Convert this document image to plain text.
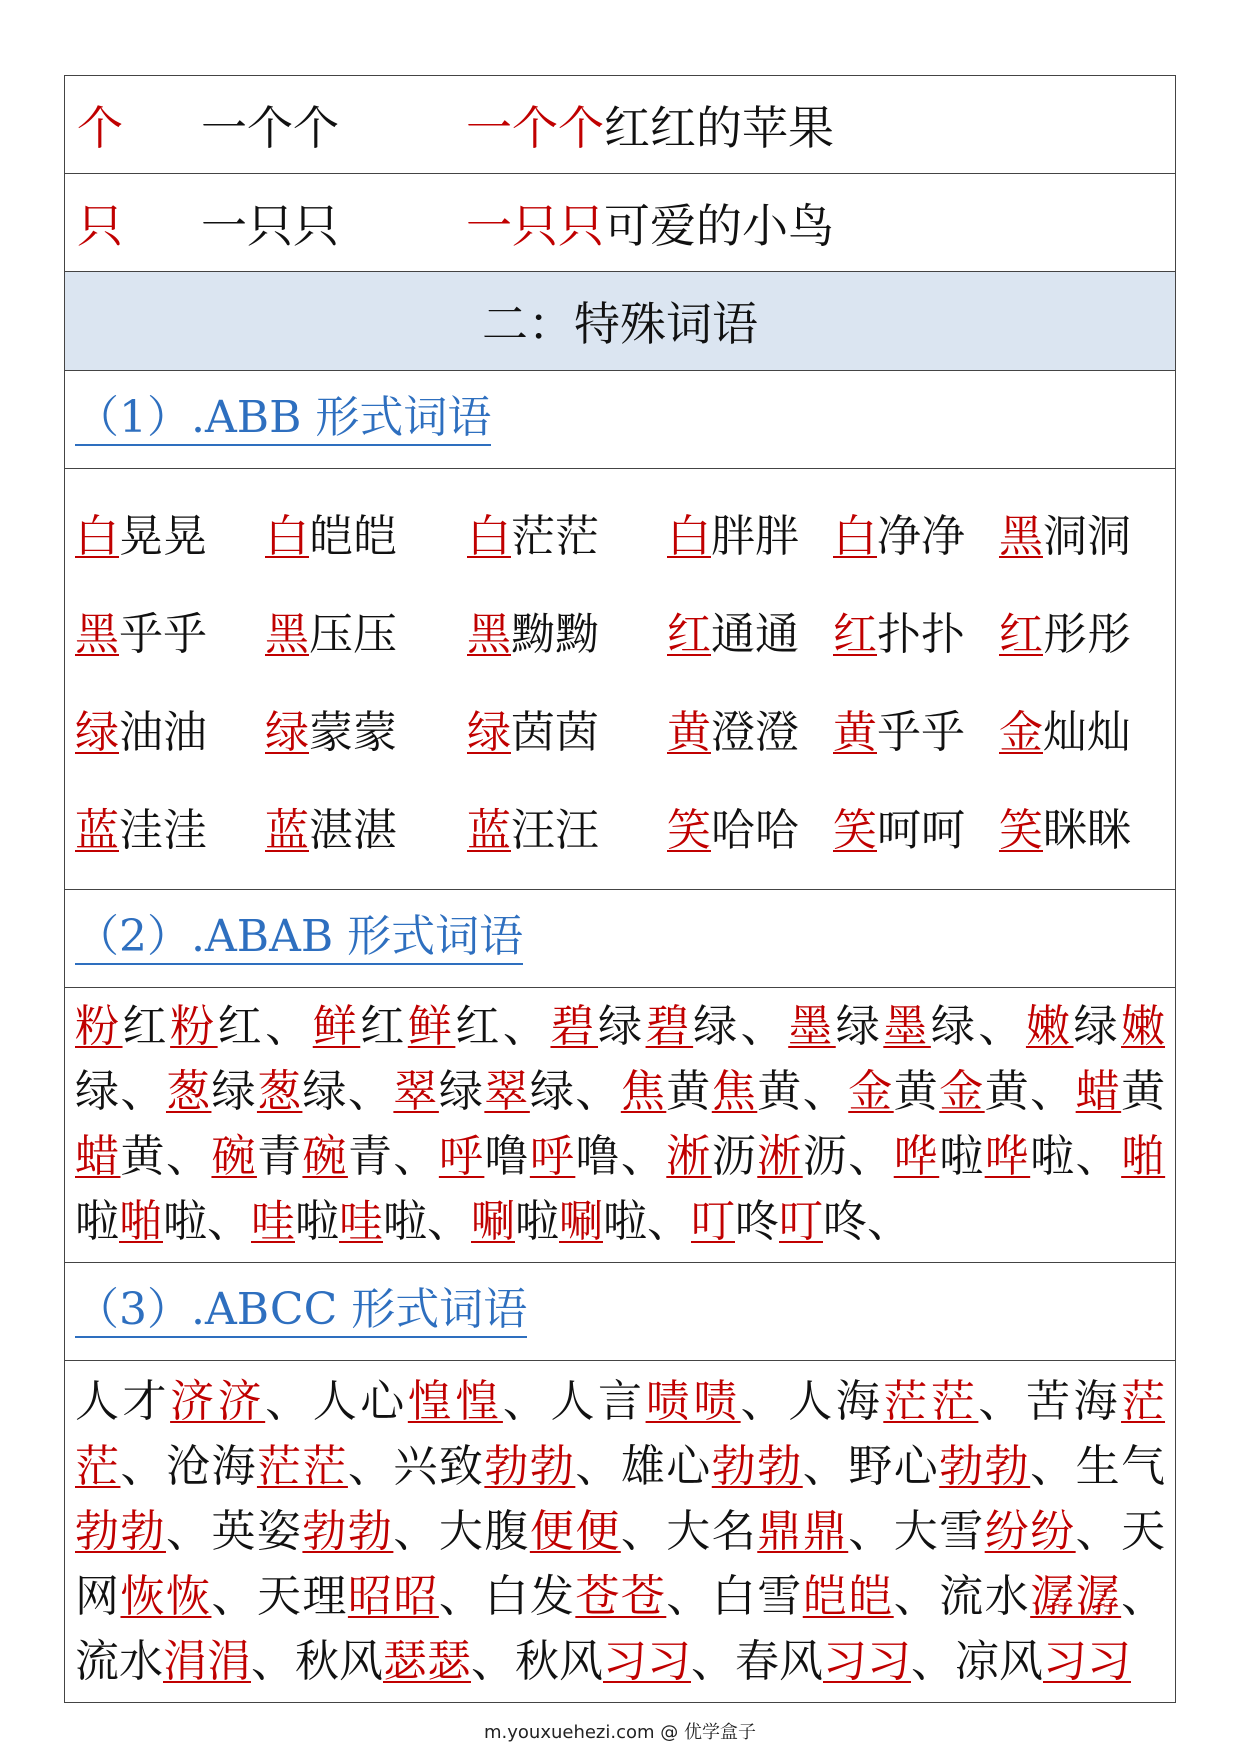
个	一个个	一个个红红的苹果
只	一只只	一只只可爱的小鸟
二：特殊词语
（1）.ABB 形式词语
白晃晃	白皑皑	白茫茫	白胖胖 白净净 黑洞洞
黑乎乎	黑压压	黑黝黝	红通通 红扑扑 红彤彤
绿油油	绿蒙蒙	绿茵茵	黄澄澄 黄乎乎 金灿灿
蓝洼洼	蓝湛湛	蓝汪汪	笑哈哈 笑呵呵 笑眯眯
（2）.ABAB 形式词语
粉红粉红、鲜红鲜红、碧绿碧绿、墨绿墨绿、嫩绿嫩绿、葱绿葱绿、翠绿翠绿、焦黄焦黄、金黄金黄、蜡黄蜡黄、碗青碗青、呼噜呼噜、淅沥淅沥、哗啦哗啦、啪啦啪啦、哇啦哇啦、唰啦唰啦、叮咚叮咚、
（3）.ABCC 形式词语
人才济济、人心惶惶、人言啧啧、人海茫茫、苦海茫茫、沧海茫茫、兴致勃勃、雄心勃勃、野心勃勃、生气勃勃、英姿勃勃、大腹便便、大名鼎鼎、大雪纷纷、天网恢恢、天理昭昭、白发苍苍、白雪皑皑、流水潺潺、流水涓涓、秋风瑟瑟、秋风习习、春风习习、凉风习习
m.youxuehezi.com @ 优学盒子
